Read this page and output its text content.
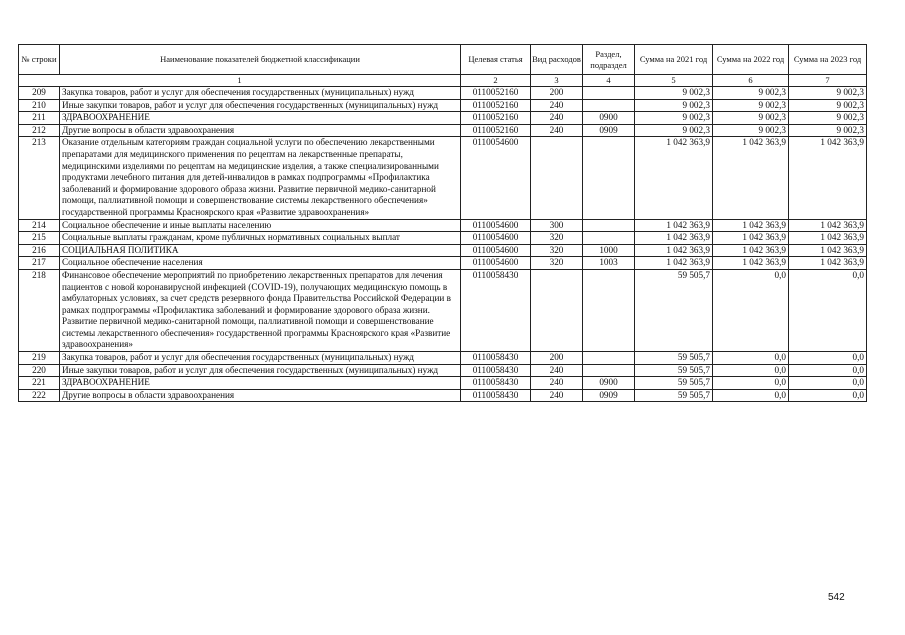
№ строки	Наименование показателей бюджетной классификации	Целевая статья	Вид расходов	Раздел, подраздел	Сумма на 2021 год	Сумма на 2022 год	Сумма на 2023 год
1		2	3	4	5	6	7
209	Закупка товаров, работ и услуг для обеспечения государственных (муниципальных) нужд	0110052160	200		9 002,3	9 002,3	9 002,3
210	Иные закупки товаров, работ и услуг для обеспечения государственных (муниципальных) нужд	0110052160	240		9 002,3	9 002,3	9 002,3
211	ЗДРАВООХРАНЕНИЕ	0110052160	240	0900	9 002,3	9 002,3	9 002,3
212	Другие вопросы в области здравоохранения	0110052160	240	0909	9 002,3	9 002,3	9 002,3
213	Оказание отдельным категориям граждан социальной услуги по обеспечению лекарственными препаратами для медицинского применения по рецептам на лекарственные препараты, медицинскими изделиями по рецептам на медицинские изделия, а также специализированными продуктами лечебного питания для детей-инвалидов в рамках подпрограммы «Профилактика заболеваний и формирование здорового образа жизни. Развитие первичной медико-санитарной помощи, паллиативной помощи и совершенствование системы лекарственного обеспечения» государственной программы Красноярского края «Развитие здравоохранения»	0110054600			1 042 363,9	1 042 363,9	1 042 363,9
214	Социальное обеспечение и иные выплаты населению	0110054600	300		1 042 363,9	1 042 363,9	1 042 363,9
215	Социальные выплаты гражданам, кроме публичных нормативных социальных выплат	0110054600	320		1 042 363,9	1 042 363,9	1 042 363,9
216	СОЦИАЛЬНАЯ ПОЛИТИКА	0110054600	320	1000	1 042 363,9	1 042 363,9	1 042 363,9
217	Социальное обеспечение населения	0110054600	320	1003	1 042 363,9	1 042 363,9	1 042 363,9
218	Финансовое обеспечение мероприятий по приобретению лекарственных препаратов для лечения пациентов с новой коронавирусной инфекцией (COVID-19), получающих медицинскую помощь в амбулаторных условиях, за счет средств резервного фонда Правительства Российской Федерации в рамках подпрограммы «Профилактика заболеваний и формирование здорового образа жизни. Развитие первичной медико-санитарной помощи, паллиативной помощи и совершенствование системы лекарственного обеспечения» государственной программы Красноярского края «Развитие здравоохранения»	0110058430			59 505,7	0,0	0,0
219	Закупка товаров, работ и услуг для обеспечения государственных (муниципальных) нужд	0110058430	200		59 505,7	0,0	0,0
220	Иные закупки товаров, работ и услуг для обеспечения государственных (муниципальных) нужд	0110058430	240		59 505,7	0,0	0,0
221	ЗДРАВООХРАНЕНИЕ	0110058430	240	0900	59 505,7	0,0	0,0
222	Другие вопросы в области здравоохранения	0110058430	240	0909	59 505,7	0,0	0,0
542
